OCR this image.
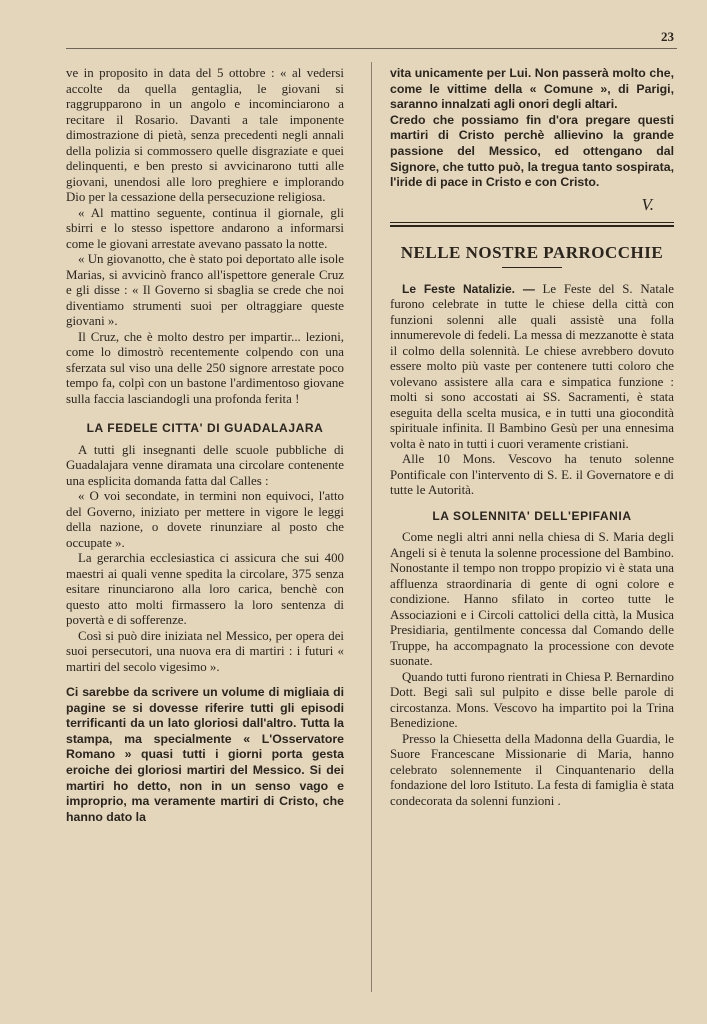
23

ve in proposito in data del 5 ottobre : « al vedersi accolte da quella gentaglia, le giovani si raggrupparono in un angolo e incominciarono a recitare il Rosario. Davanti a tale imponente dimostrazione di pietà, senza precedenti negli annali della polizia si commossero quelle disgraziate e quei delinquenti, e ben presto si avvicinarono tutti alle giovani, unendosi alle loro preghiere e implorando Dio per la cessazione della persecuzione religiosa.

« Al mattino seguente, continua il giornale, gli sbirri e lo stesso ispettore andarono a informarsi come le giovani arrestate avevano passato la notte.

« Un giovanotto, che è stato poi deportato alle isole Marias, si avvicinò franco all'ispettore generale Cruz e gli disse : « Il Governo si sbaglia se crede che noi diventiamo strumenti suoi per oltraggiare queste giovani ».

Il Cruz, che è molto destro per impartir... lezioni, come lo dimostrò recentemente colpendo con una sferzata sul viso una delle 250 signore arrestate poco tempo fa, colpì con un bastone l'ardimentoso giovane sulla faccia lasciandogli una profonda ferita !

LA FEDELE CITTA' DI GUADALAJARA

A tutti gli insegnanti delle scuole pubbliche di Guadalajara venne diramata una circolare contenente una esplicita domanda fatta dal Calles :

« O voi secondate, in termini non equivoci, l'atto del Governo, iniziato per mettere in vigore le leggi della nazione, o dovete rinunziare al posto che occupate ».

La gerarchia ecclesiastica ci assicura che sui 400 maestri ai quali venne spedita la circolare, 375 senza esitare rinunciarono alla loro carica, benchè con questo atto molti firmassero la loro sentenza di povertà e di sofferenze.

Così si può dire iniziata nel Messico, per opera dei suoi persecutori, una nuova era di martiri : i futuri « martiri del secolo vigesimo ».

Ci sarebbe da scrivere un volume di migliaia di pagine se si dovesse riferire tutti gli episodi terrificanti da un lato gloriosi dall'altro. Tutta la stampa, ma specialmente « L'Osservatore Romano » quasi tutti i giorni porta gesta eroiche dei gloriosi martiri del Messico. Si dei martiri ho detto, non in un senso vago e improprio, ma veramente martiri di Cristo, che hanno dato la

vita unicamente per Lui. Non passerà molto che, come le vittime della « Comune », di Parigi, saranno innalzati agli onori degli altari.

Credo che possiamo fin d'ora pregare questi martiri di Cristo perchè allievino la grande passione del Messico, ed ottengano dal Signore, che tutto può, la tregua tanto sospirata, l'iride di pace in Cristo e con Cristo.

V.

NELLE NOSTRE PARROCCHIE

Le Feste Natalizie. — Le Feste del S. Natale furono celebrate in tutte le chiese della città con funzioni solenni alle quali assistè una folla innumerevole di fedeli. La messa di mezzanotte è stata il colmo della solennità. Le chiese avrebbero dovuto essere molto più vaste per contenere tutti coloro che volevano assistere alla cara e simpatica funzione : molti si sono accostati ai SS. Sacramenti, è stata eseguita della scelta musica, e in tutti una giocondità spirituale infinita. Il Bambino Gesù per una ennesima volta è nato in tutti i cuori veramente cristiani.

Alle 10 Mons. Vescovo ha tenuto solenne Pontificale con l'intervento di S. E. il Governatore e di tutte le Autorità.

LA SOLENNITA' DELL'EPIFANIA

Come negli altri anni nella chiesa di S. Maria degli Angeli si è tenuta la solenne processione del Bambino. Nonostante il tempo non troppo propizio vi è stata una affluenza straordinaria di gente di ogni colore e condizione. Hanno sfilato in corteo tutte le Associazioni e i Circoli cattolici della città, la Musica Presidiaria, gentilmente concessa dal Comando delle Truppe, ha accompagnato la processione con devote suonate.

Quando tutti furono rientrati in Chiesa P. Bernardino Dott. Begi salì sul pulpito e disse belle parole di circostanza. Mons. Vescovo ha impartito poi la Trina Benedizione.

Presso la Chiesetta della Madonna della Guardia, le Suore Francescane Missionarie di Maria, hanno celebrato solennemente il Cinquantenario della fondazione del loro Istituto. La festa di famiglia è stata condecorata da solenni funzioni .
